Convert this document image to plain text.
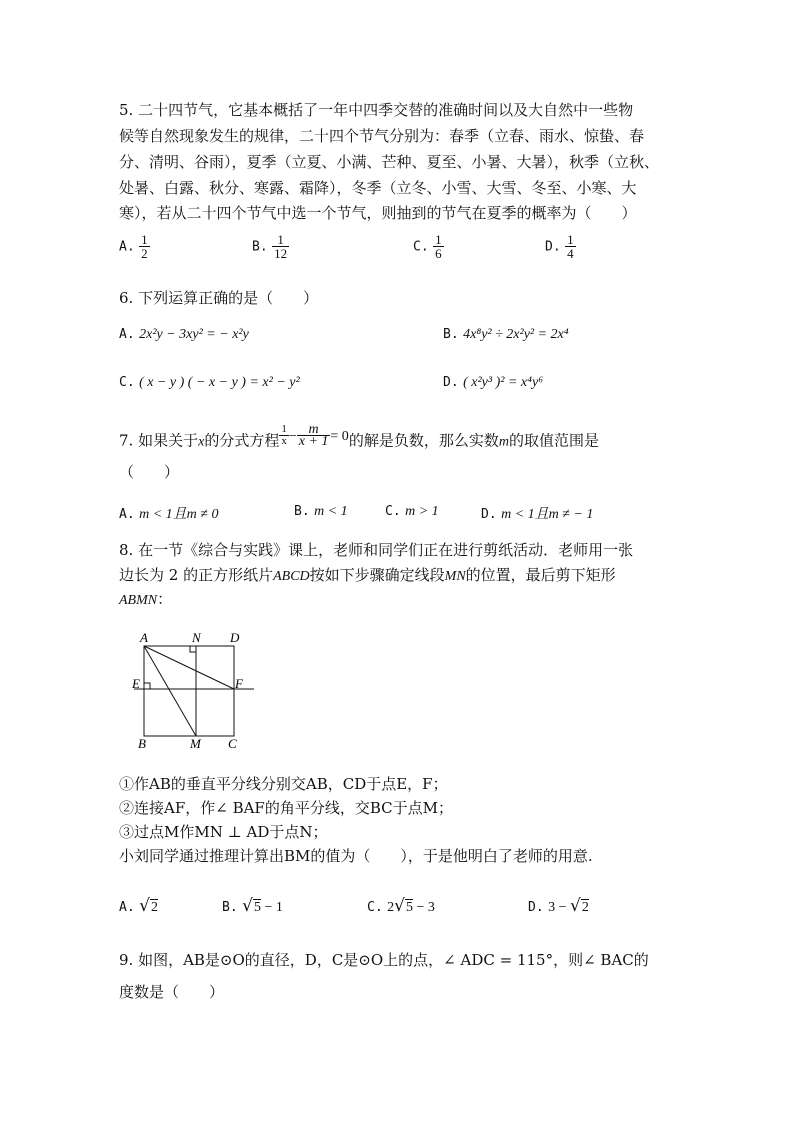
5. 二十四节气，它基本概括了一年中四季交替的准确时间以及大自然中一些物
候等自然现象发生的规律，二十四个节气分别为：春季（立春、雨水、惊蛰、春
分、清明、谷雨），夏季（立夏、小满、芒种、夏至、小暑、大暑），秋季（立秋、
处暑、白露、秋分、寒露、霜降），冬季（立冬、小雪、大雪、冬至、小寒、大
寒），若从二十四个节气中选一个节气，则抽到的节气在夏季的概率为（　　）
A. $\frac{1}{2}$	B. $\frac{1}{12}$	C. $\frac{1}{6}$	D. $\frac{1}{4}$
6. 下列运算正确的是（　　）
A. 2x²y − 3xy² = − x²y	B. 4x⁸y² ÷ 2x²y² = 2x⁴
C. ( x − y ) ( − x − y ) = x² − y²	D. ( x²y³ )² = x⁴y⁶
7. 如果关于x的分式方程 $\frac{1}{x} - \frac{m}{x + 1} = 0$的解是负数，那么实数m的取值范围是
（　　）
A. m < 1且m ≠ 0	B. m < 1	C. m > 1	D. m < 1且m ≠ − 1
8. 在一节《综合与实践》课上，老师和同学们正在进行剪纸活动．老师用一张
边长为 2 的正方形纸片ABCD按如下步骤确定线段MN的位置，最后剪下矩形
ABMN：
A	N D
E	F
B	M C
①作AB的垂直平分线分别交AB，CD于点E，F；
②连接AF，作∠ BAF的角平分线，交BC于点M；
③过点M作MN ⊥ AD于点N；
小刘同学通过推理计算出BM的值为（　　），于是他明白了老师的用意.
A. √2	B. √5 − 1	C. 2√5 − 3	D. 3 − √2
9. 如图，AB是⊙O的直径，D，C是⊙O上的点，∠ ADC = 115°，则∠ BAC的
度数是（　　）
